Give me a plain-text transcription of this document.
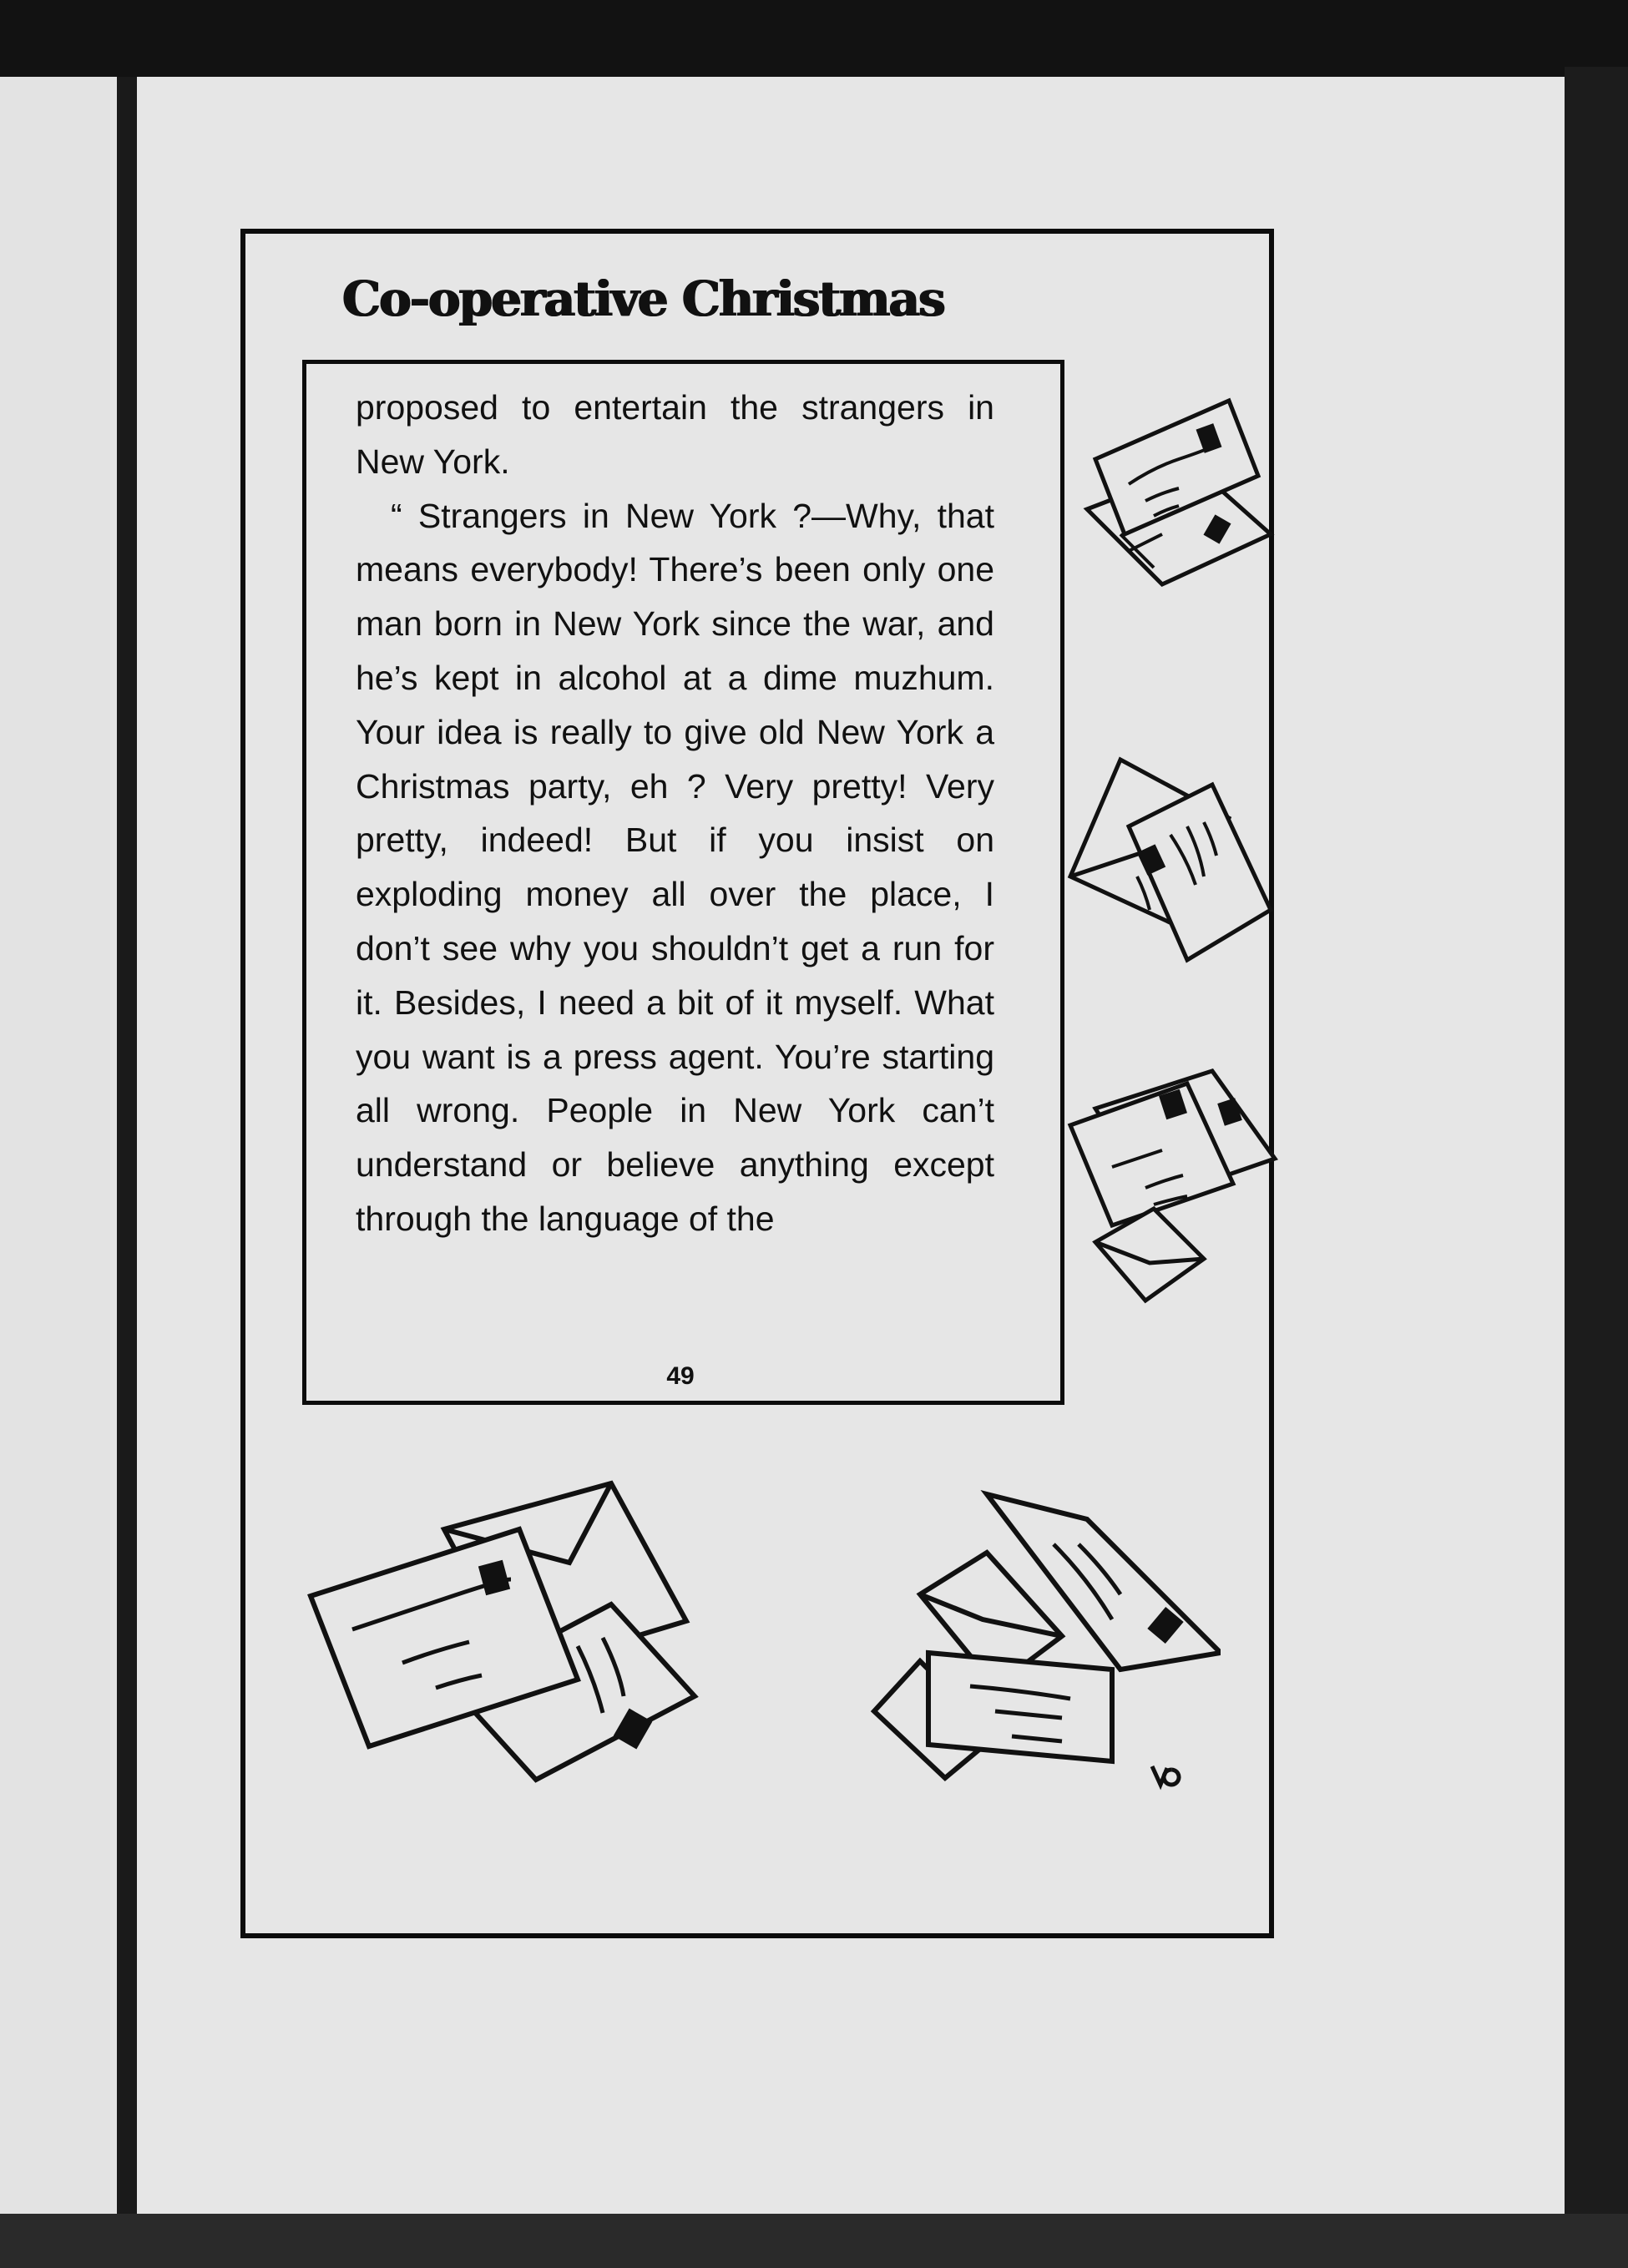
Co-operative Christmas

proposed to entertain the strangers in New York.

“ Strangers in New York ?—Why, that means everybody! There’s been only one man born in New York since the war, and he’s kept in alcohol at a dime muzhum. Your idea is really to give old New York a Christmas party, eh ? Very pretty! Very pretty, indeed! But if you insist on exploding money all over the place, I don’t see why you shouldn’t get a run for it. Besides, I need a bit of it myself. What you want is a press agent. You’re starting all wrong. People in New York can’t understand or believe anything except through the language of the

49
